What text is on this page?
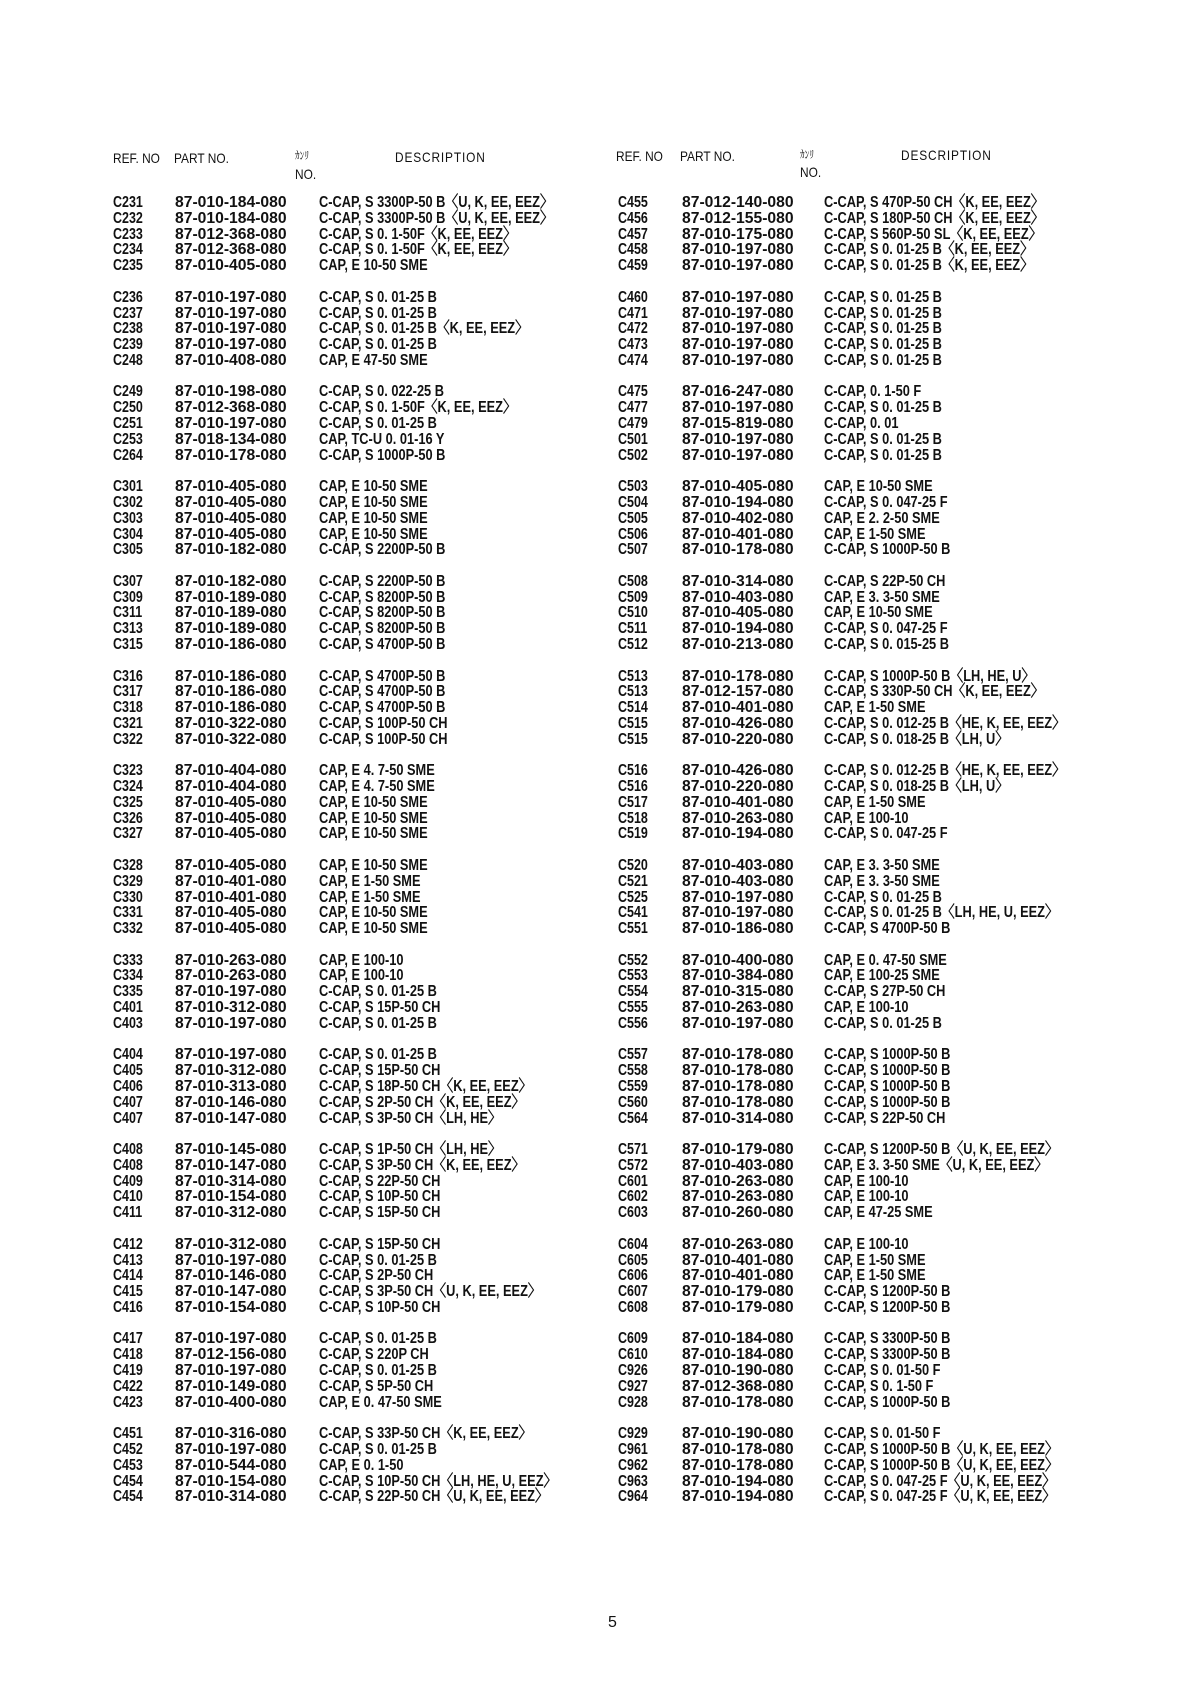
REF. NO PART NO.	ｶﾝﾘ
NO.
DESCRIPTION	REF. NO PART NO.	ｶﾝﾘ
NO.
DESCRIPTION
C231 87-010-184-080 C-CAP, S 3300P-50 B〈U, K, EE, EEZ〉
C232 87-010-184-080 C-CAP, S 3300P-50 B〈U, K, EE, EEZ〉
C233 87-012-368-080 C-CAP, S 0. 1-50F〈K, EE, EEZ〉
C234 87-012-368-080 C-CAP, S 0. 1-50F〈K, EE, EEZ〉
C235 87-010-405-080 CAP, E 10-50 SME
C236 87-010-197-080 C-CAP, S 0. 01-25 B
C237 87-010-197-080 C-CAP, S 0. 01-25 B
C238 87-010-197-080 C-CAP, S 0. 01-25 B〈K, EE, EEZ〉
C239 87-010-197-080 C-CAP, S 0. 01-25 B
C248 87-010-408-080 CAP, E 47-50 SME
C249 87-010-198-080 C-CAP, S 0. 022-25 B
C250 87-012-368-080 C-CAP, S 0. 1-50F〈K, EE, EEZ〉
C251 87-010-197-080 C-CAP, S 0. 01-25 B
C253 87-018-134-080 CAP, TC-U 0. 01-16 Y
C264 87-010-178-080 C-CAP, S 1000P-50 B
C301 87-010-405-080 CAP, E 10-50 SME
C302 87-010-405-080 CAP, E 10-50 SME
C303 87-010-405-080 CAP, E 10-50 SME
C304 87-010-405-080 CAP, E 10-50 SME
C305 87-010-182-080 C-CAP, S 2200P-50 B
C307 87-010-182-080 C-CAP, S 2200P-50 B
C309 87-010-189-080 C-CAP, S 8200P-50 B
C311 87-010-189-080 C-CAP, S 8200P-50 B
C313 87-010-189-080 C-CAP, S 8200P-50 B
C315 87-010-186-080 C-CAP, S 4700P-50 B
C316 87-010-186-080 C-CAP, S 4700P-50 B
C317 87-010-186-080 C-CAP, S 4700P-50 B
C318 87-010-186-080 C-CAP, S 4700P-50 B
C321 87-010-322-080 C-CAP, S 100P-50 CH
C322 87-010-322-080 C-CAP, S 100P-50 CH
C323 87-010-404-080 CAP, E 4. 7-50 SME
C324 87-010-404-080 CAP, E 4. 7-50 SME
C325 87-010-405-080 CAP, E 10-50 SME
C326 87-010-405-080 CAP, E 10-50 SME
C327 87-010-405-080 CAP, E 10-50 SME
C328 87-010-405-080 CAP, E 10-50 SME
C329 87-010-401-080 CAP, E 1-50 SME
C330 87-010-401-080 CAP, E 1-50 SME
C331 87-010-405-080 CAP, E 10-50 SME
C332 87-010-405-080 CAP, E 10-50 SME
C333 87-010-263-080 CAP, E 100-10
C334 87-010-263-080 CAP, E 100-10
C335 87-010-197-080 C-CAP, S 0. 01-25 B
C401 87-010-312-080 C-CAP, S 15P-50 CH
C403 87-010-197-080 C-CAP, S 0. 01-25 B
C404 87-010-197-080 C-CAP, S 0. 01-25 B
C405 87-010-312-080 C-CAP, S 15P-50 CH
C406 87-010-313-080 C-CAP, S 18P-50 CH〈K, EE, EEZ〉
C407 87-010-146-080 C-CAP, S 2P-50 CH〈K, EE, EEZ〉
C407 87-010-147-080 C-CAP, S 3P-50 CH〈LH, HE〉
C408 87-010-145-080 C-CAP, S 1P-50 CH〈LH, HE〉
C408 87-010-147-080 C-CAP, S 3P-50 CH〈K, EE, EEZ〉
C409 87-010-314-080 C-CAP, S 22P-50 CH
C410 87-010-154-080 C-CAP, S 10P-50 CH
C411 87-010-312-080 C-CAP, S 15P-50 CH
C412 87-010-312-080 C-CAP, S 15P-50 CH
C413 87-010-197-080 C-CAP, S 0. 01-25 B
C414 87-010-146-080 C-CAP, S 2P-50 CH
C415 87-010-147-080 C-CAP, S 3P-50 CH〈U, K, EE, EEZ〉
C416 87-010-154-080 C-CAP, S 10P-50 CH
C417 87-010-197-080 C-CAP, S 0. 01-25 B
C418 87-012-156-080 C-CAP, S 220P CH
C419 87-010-197-080 C-CAP, S 0. 01-25 B
C422 87-010-149-080 C-CAP, S 5P-50 CH
C423 87-010-400-080 CAP, E 0. 47-50 SME
C451 87-010-316-080 C-CAP, S 33P-50 CH〈K, EE, EEZ〉
C452 87-010-197-080 C-CAP, S 0. 01-25 B
C453 87-010-544-080 CAP, E 0. 1-50
C454 87-010-154-080 C-CAP, S 10P-50 CH〈LH, HE, U, EEZ〉
C454 87-010-314-080 C-CAP, S 22P-50 CH〈U, K, EE, EEZ〉
C455 87-012-140-080 C-CAP, S 470P-50 CH〈K, EE, EEZ〉
C456 87-012-155-080 C-CAP, S 180P-50 CH〈K, EE, EEZ〉
C457 87-010-175-080 C-CAP, S 560P-50 SL〈K, EE, EEZ〉
C458 87-010-197-080 C-CAP, S 0. 01-25 B〈K, EE, EEZ〉
C459 87-010-197-080 C-CAP, S 0. 01-25 B〈K, EE, EEZ〉
C460 87-010-197-080 C-CAP, S 0. 01-25 B
C471 87-010-197-080 C-CAP, S 0. 01-25 B
C472 87-010-197-080 C-CAP, S 0. 01-25 B
C473 87-010-197-080 C-CAP, S 0. 01-25 B
C474 87-010-197-080 C-CAP, S 0. 01-25 B
C475 87-016-247-080 C-CAP, 0. 1-50 F
C477 87-010-197-080 C-CAP, S 0. 01-25 B
C479 87-015-819-080 C-CAP, 0. 01
C501 87-010-197-080 C-CAP, S 0. 01-25 B
C502 87-010-197-080 C-CAP, S 0. 01-25 B
C503 87-010-405-080 CAP, E 10-50 SME
C504 87-010-194-080 C-CAP, S 0. 047-25 F
C505 87-010-402-080 CAP, E 2. 2-50 SME
C506 87-010-401-080 CAP, E 1-50 SME
C507 87-010-178-080 C-CAP, S 1000P-50 B
C508 87-010-314-080 C-CAP, S 22P-50 CH
C509 87-010-403-080 CAP, E 3. 3-50 SME
C510 87-010-405-080 CAP, E 10-50 SME
C511 87-010-194-080 C-CAP, S 0. 047-25 F
C512 87-010-213-080 C-CAP, S 0. 015-25 B
C513 87-010-178-080 C-CAP, S 1000P-50 B〈LH, HE, U〉
C513 87-012-157-080 C-CAP, S 330P-50 CH〈K, EE, EEZ〉
C514 87-010-401-080 CAP, E 1-50 SME
C515 87-010-426-080 C-CAP, S 0. 012-25 B〈HE, K, EE, EEZ〉
C515 87-010-220-080 C-CAP, S 0. 018-25 B〈LH, U〉
C516 87-010-426-080 C-CAP, S 0. 012-25 B〈HE, K, EE, EEZ〉
C516 87-010-220-080 C-CAP, S 0. 018-25 B〈LH, U〉
C517 87-010-401-080 CAP, E 1-50 SME
C518 87-010-263-080 CAP, E 100-10
C519 87-010-194-080 C-CAP, S 0. 047-25 F
C520 87-010-403-080 CAP, E 3. 3-50 SME
C521 87-010-403-080 CAP, E 3. 3-50 SME
C525 87-010-197-080 C-CAP, S 0. 01-25 B
C541 87-010-197-080 C-CAP, S 0. 01-25 B〈LH, HE, U, EEZ〉
C551 87-010-186-080 C-CAP, S 4700P-50 B
C552 87-010-400-080 CAP, E 0. 47-50 SME
C553 87-010-384-080 CAP, E 100-25 SME
C554 87-010-315-080 C-CAP, S 27P-50 CH
C555 87-010-263-080 CAP, E 100-10
C556 87-010-197-080 C-CAP, S 0. 01-25 B
C557 87-010-178-080 C-CAP, S 1000P-50 B
C558 87-010-178-080 C-CAP, S 1000P-50 B
C559 87-010-178-080 C-CAP, S 1000P-50 B
C560 87-010-178-080 C-CAP, S 1000P-50 B
C564 87-010-314-080 C-CAP, S 22P-50 CH
C571 87-010-179-080 C-CAP, S 1200P-50 B〈U, K, EE, EEZ〉
C572 87-010-403-080 CAP, E 3. 3-50 SME〈U, K, EE, EEZ〉
C601 87-010-263-080 CAP, E 100-10
C602 87-010-263-080 CAP, E 100-10
C603 87-010-260-080 CAP, E 47-25 SME
C604 87-010-263-080 CAP, E 100-10
C605 87-010-401-080 CAP, E 1-50 SME
C606 87-010-401-080 CAP, E 1-50 SME
C607 87-010-179-080 C-CAP, S 1200P-50 B
C608 87-010-179-080 C-CAP, S 1200P-50 B
C609 87-010-184-080 C-CAP, S 3300P-50 B
C610 87-010-184-080 C-CAP, S 3300P-50 B
C926 87-010-190-080 C-CAP, S 0. 01-50 F
C927 87-012-368-080 C-CAP, S 0. 1-50 F
C928 87-010-178-080 C-CAP, S 1000P-50 B
C929 87-010-190-080 C-CAP, S 0. 01-50 F
C961 87-010-178-080 C-CAP, S 1000P-50 B〈U, K, EE, EEZ〉
C962 87-010-178-080 C-CAP, S 1000P-50 B〈U, K, EE, EEZ〉
C963 87-010-194-080 C-CAP, S 0. 047-25 F〈U, K, EE, EEZ〉
C964 87-010-194-080 C-CAP, S 0. 047-25 F〈U, K, EE, EEZ〉
5
